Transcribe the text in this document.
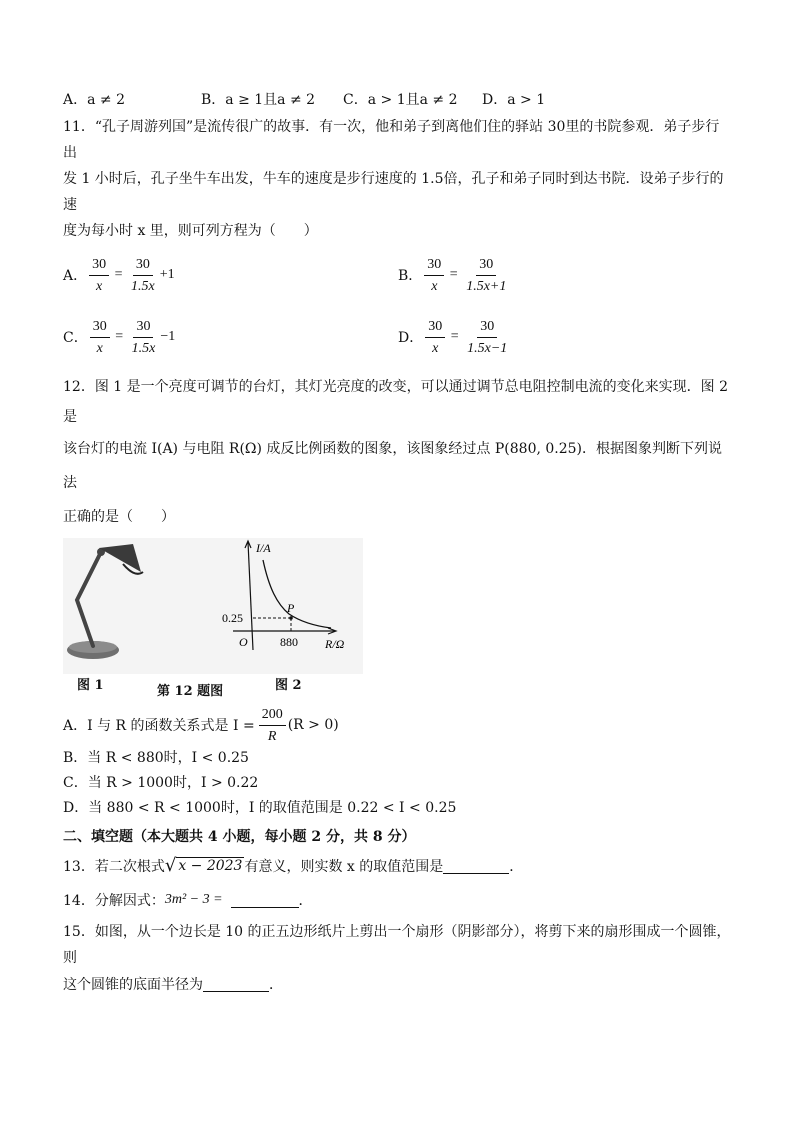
A．a ≠ 2	B．a ≥ 1且a ≠ 2	C．a > 1且a ≠ 2	D．a > 1
11．“孔子周游列国”是流传很广的故事．有一次，他和弟子到离他们住的驿站 30里的书院参观．弟子步行出
发 1 小时后，孔子坐牛车出发，牛车的速度是步行速度的 1.5倍，孔子和弟子同时到达书院．设弟子步行的速
度为每小时 x 里，则可列方程为（　　）
A． $\frac{30}{x} = \frac{30}{1.5x} +1$	B． $\frac{30}{x} = \frac{30}{1.5x+1}$
C． $\frac{30}{x} = \frac{30}{1.5x} -1$	D． $\frac{30}{x} = \frac{30}{1.5x-1}$
12．图 1 是一个亮度可调节的台灯，其灯光亮度的改变，可以通过调节总电阻控制电流的变化来实现．图 2 是
该台灯的电流 I(A) 与电阻 R(Ω) 成反比例函数的图象，该图象经过点 P(880, 0.25)．根据图象判断下列说法
正确的是（　　）
I/A
R/Ω
O
P
0.25
880
图 1	第 12 题图	图 2
A．I 与 R 的函数关系式是 $I = \frac{200}{R} (R > 0)$
B．当 R < 880时，I < 0.25
C．当 R > 1000时，I > 0.22
D．当 880 < R < 1000时，I 的取值范围是 0.22 < I < 0.25
二、填空题（本大题共 4 小题，每小题 2 分，共 8 分）
13．若二次根式 √ x − 2023 有意义，则实数 x 的取值范围是	．
14．分解因式： 3m² − 3 =	．
15．如图，从一个边长是 10 的正五边形纸片上剪出一个扇形（阴影部分），将剪下来的扇形围成一个圆锥，则
这个圆锥的底面半径为	．
